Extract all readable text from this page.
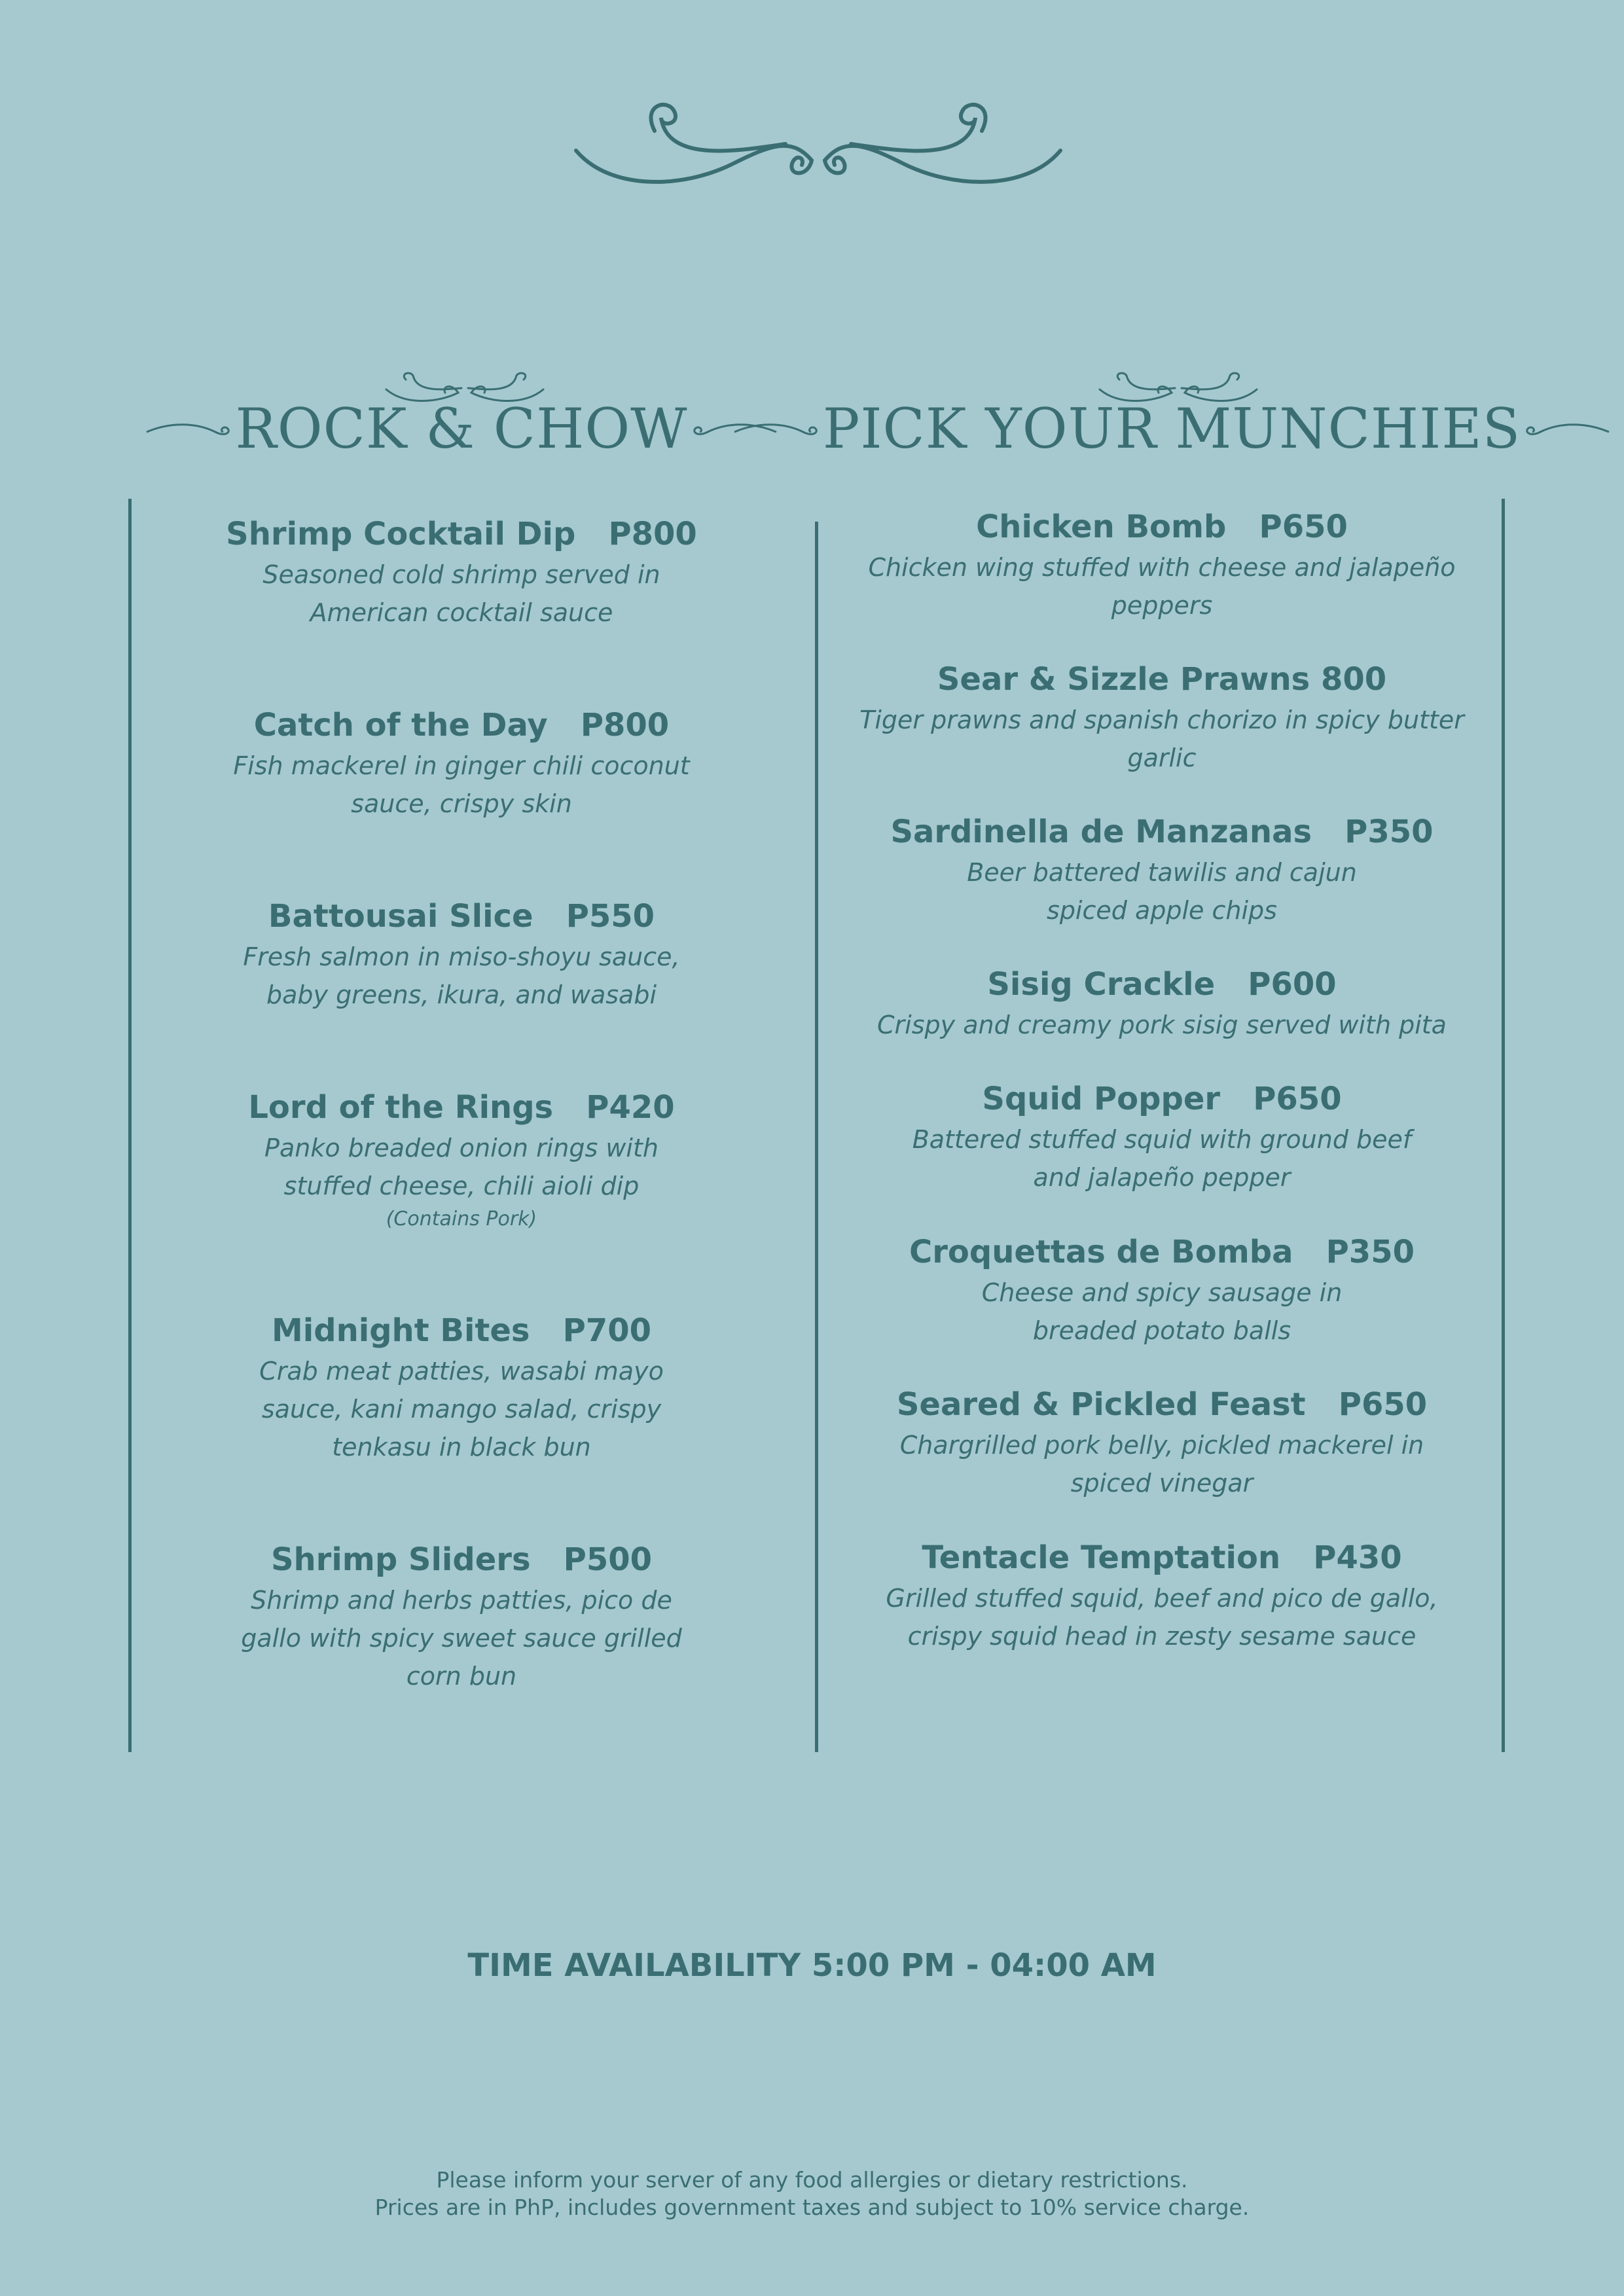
ROCK & CHOW PICK YOUR MUNCHIES
Shrimp Cocktail Dip P800
Seasoned cold shrimp served in American cocktail sauce
Catch of the Day P800
Fish mackerel in ginger chili coconut sauce, crispy skin
Battousai Slice P550
Fresh salmon in miso-shoyu sauce, baby greens, ikura, and wasabi
Lord of the Rings P420
Panko breaded onion rings with stuffed cheese, chili aioli dip
(Contains Pork)
Midnight Bites P700
Crab meat patties, wasabi mayo sauce, kani mango salad, crispy tenkasu in black bun
Shrimp Sliders P500
Shrimp and herbs patties, pico de gallo with spicy sweet sauce grilled corn bun
Chicken Bomb P650
Chicken wing stuffed with cheese and jalapeño peppers
Sear & Sizzle Prawns 800
Tiger prawns and spanish chorizo in spicy butter garlic
Sardinella de Manzanas P350
Beer battered tawilis and cajun spiced apple chips
Sisig Crackle P600
Crispy and creamy pork sisig served with pita
Squid Popper P650
Battered stuffed squid with ground beef and jalapeño pepper
Croquettas de Bomba P350
Cheese and spicy sausage in breaded potato balls
Seared & Pickled Feast P650
Chargrilled pork belly, pickled mackerel in spiced vinegar
Tentacle Temptation P430
Grilled stuffed squid, beef and pico de gallo, crispy squid head in zesty sesame sauce
TIME AVAILABILITY 5:00 PM - 04:00 AM
Please inform your server of any food allergies or dietary restrictions.
Prices are in PhP, includes government taxes and subject to 10% service charge.
